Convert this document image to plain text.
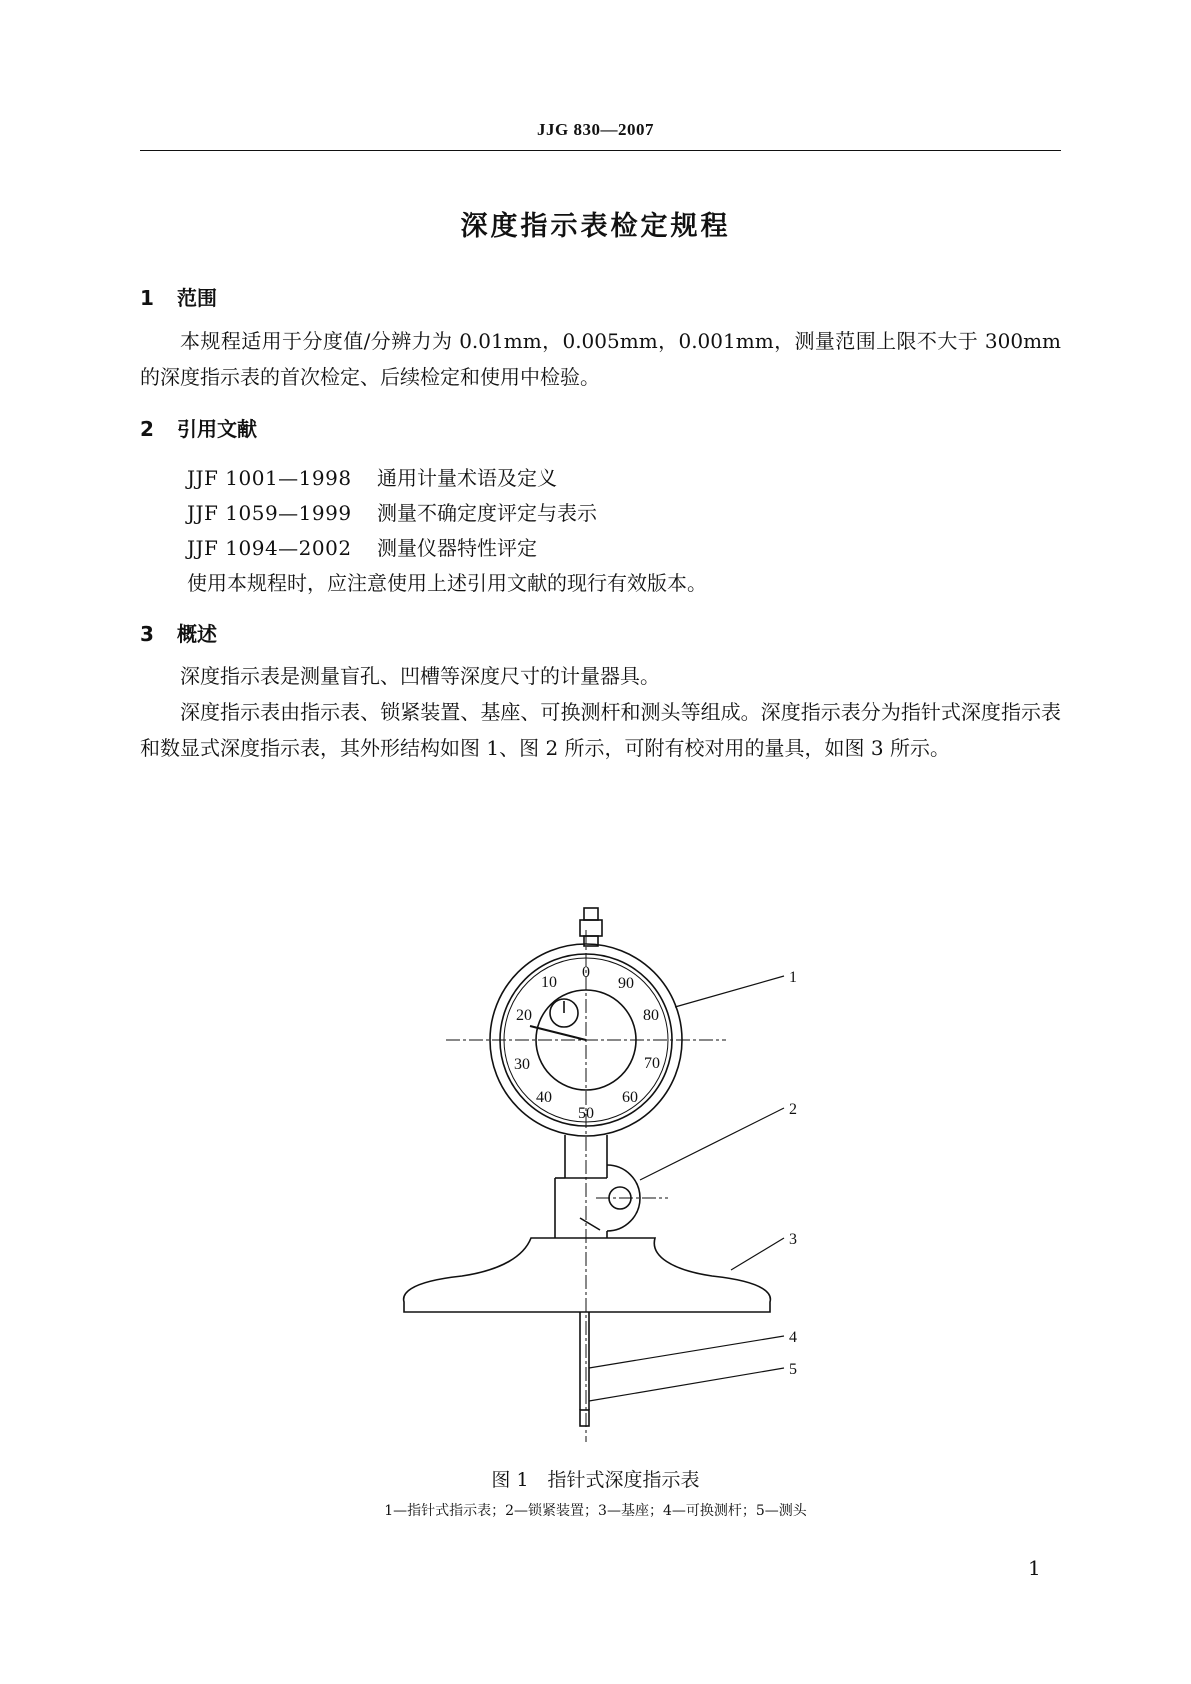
JJG 830—2007
深度指示表检定规程
1 范围

本规程适用于分度值/分辨力为 0.01mm，0.005mm，0.001mm，测量范围上限不大于 300mm 的深度指示表的首次检定、后续检定和使用中检验。

2 引用文献
JJF 1001—1998 通用计量术语及定义
JJF 1059—1999 测量不确定度评定与表示
JJF 1094—2002 测量仪器特性评定
使用本规程时，应注意使用上述引用文献的现行有效版本。
3 概述

深度指示表是测量盲孔、凹槽等深度尺寸的计量器具。

深度指示表由指示表、锁紧装置、基座、可换测杆和测头等组成。深度指示表分为指针式深度指示表和数显式深度指示表，其外形结构如图 1、图 2 所示，可附有校对用的量具，如图 3 所示。

0
10
20
30
40
50
60
70
80
90	1
2
3
4
5
图 1　指针式深度指示表
1—指针式指示表；2—锁紧装置；3—基座；4—可换测杆；5—测头
1
